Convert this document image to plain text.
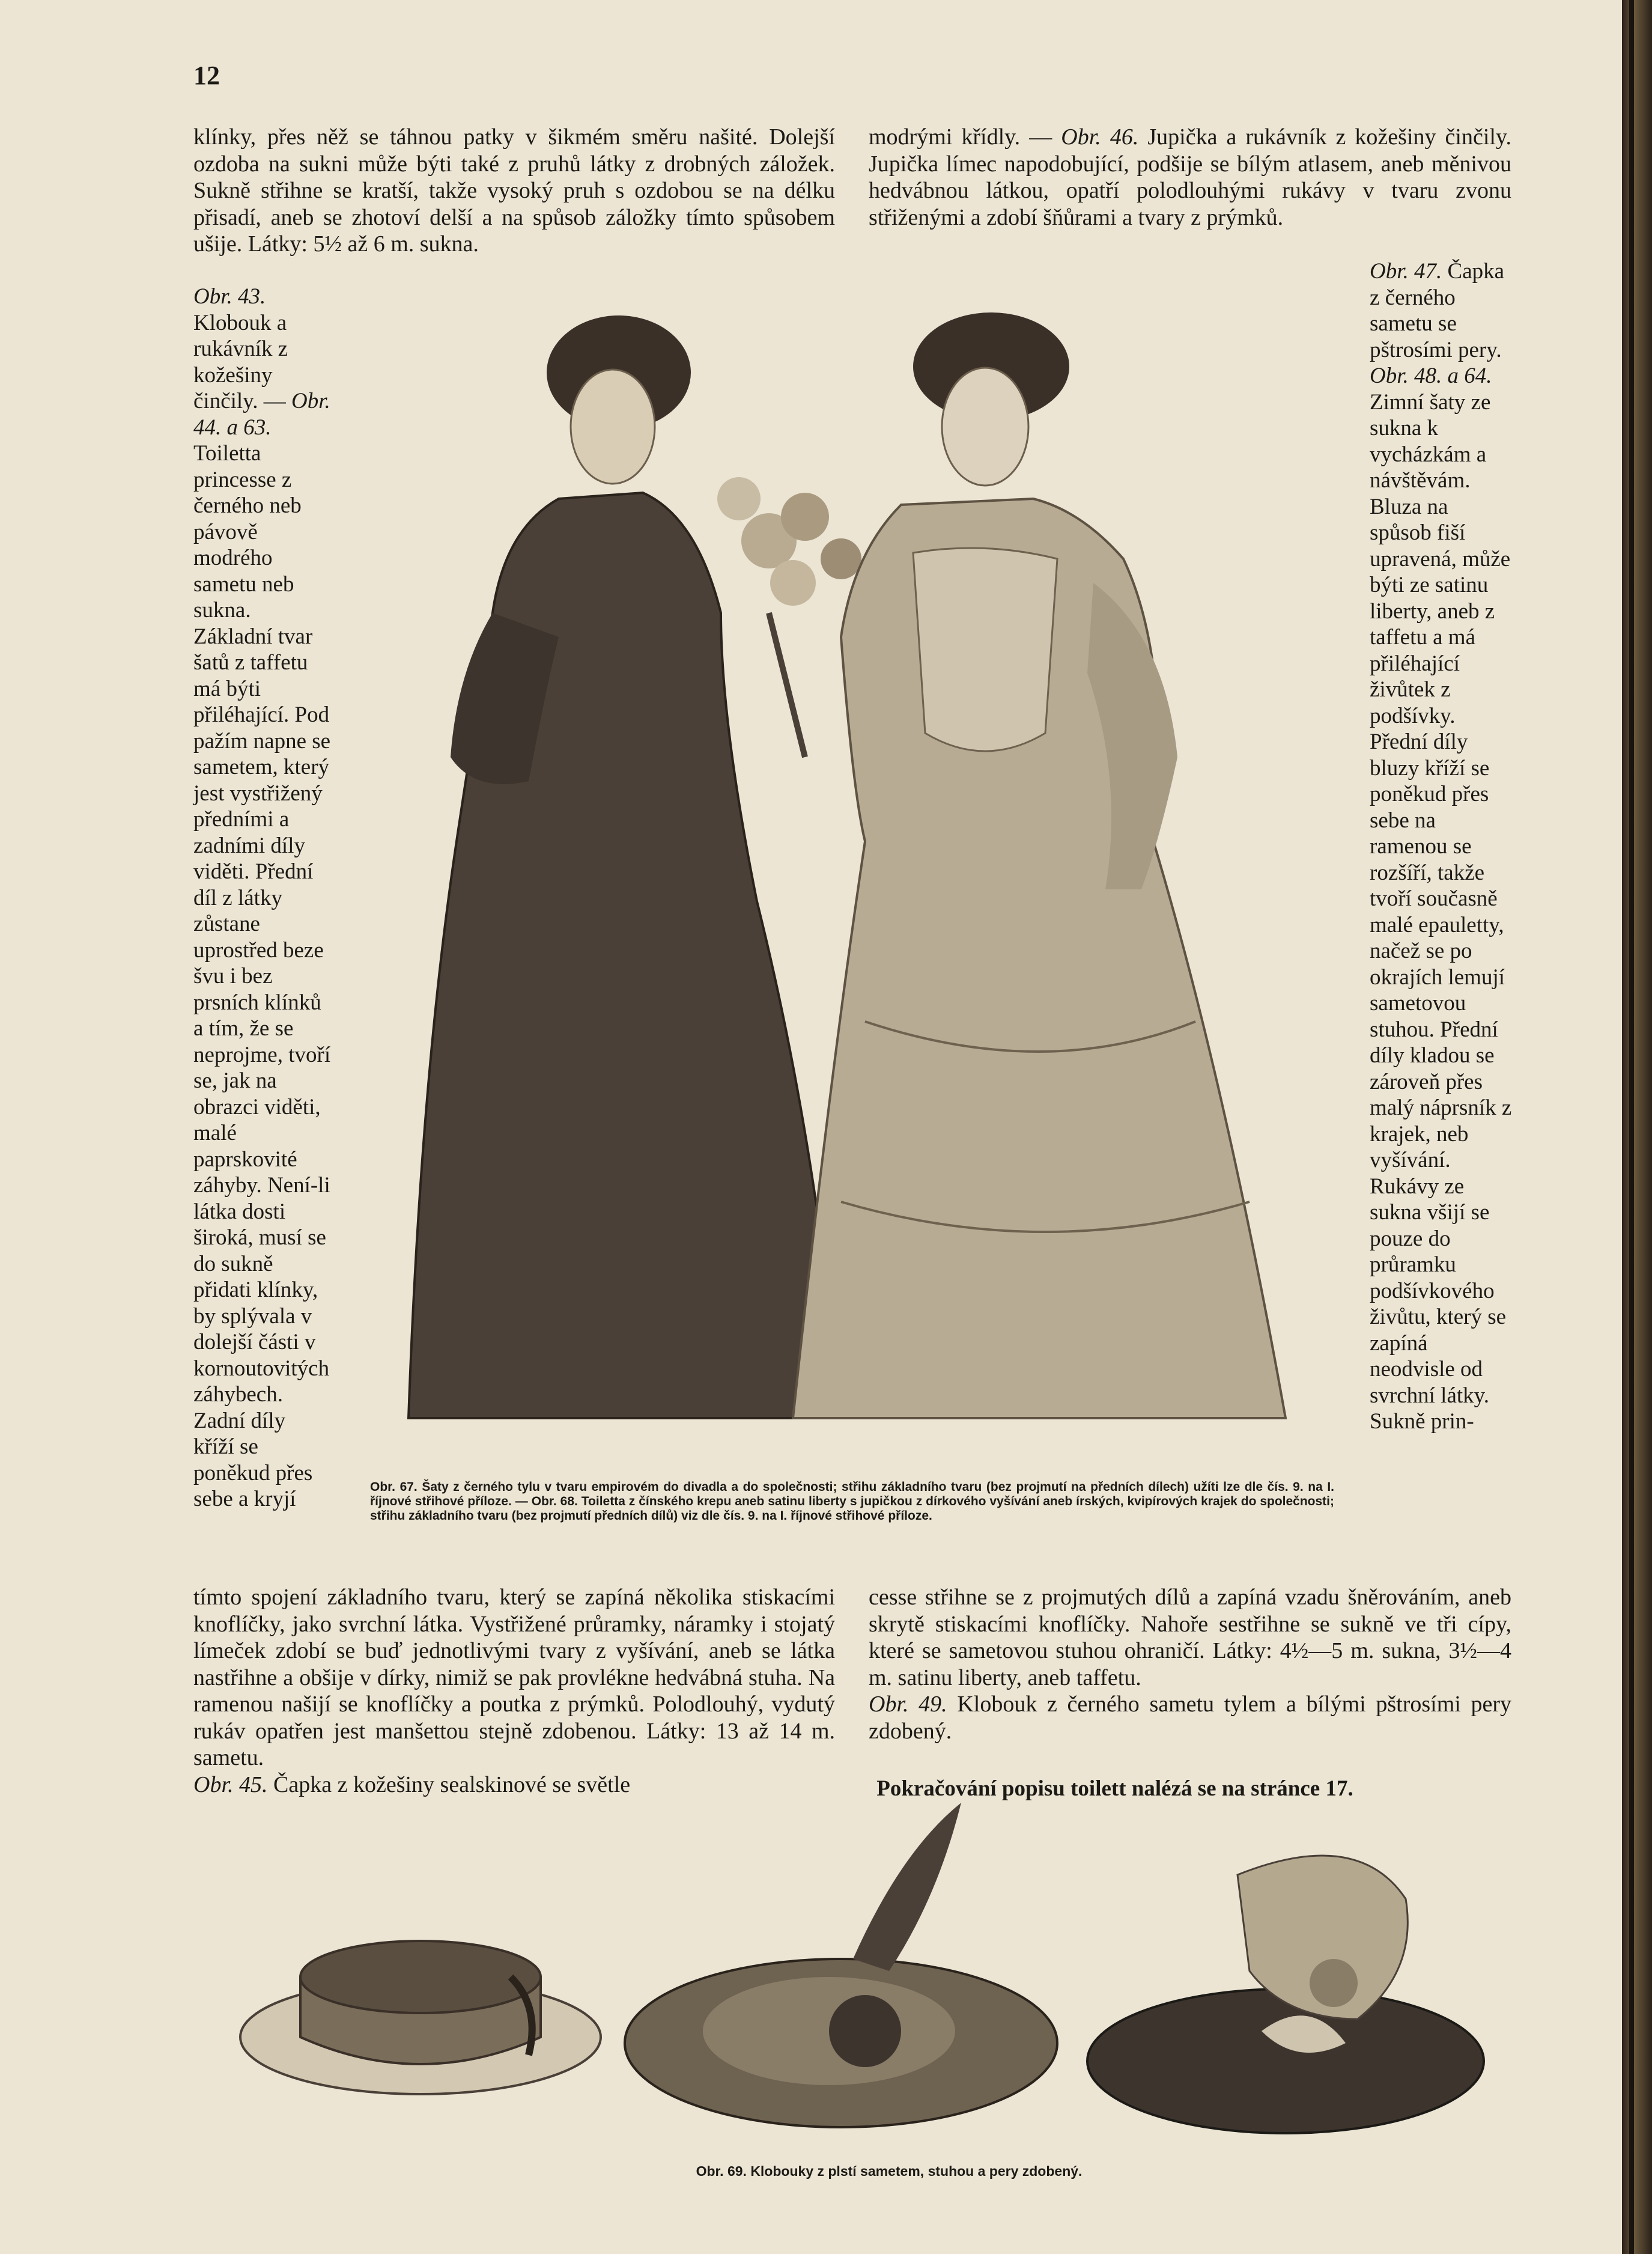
12

klínky, přes něž se táhnou patky v šikmém směru našité. Dolejší ozdoba na sukni může býti také z pruhů látky z drobných záložek. Sukně střihne se kratší, takže vysoký pruh s ozdobou se na délku přisadí, aneb se zhotoví delší a na spůsob záložky tímto spůsobem ušije. Látky: 5½ až 6 m. sukna.

modrými křídly. — Obr. 46. Jupička a rukávník z kožešiny činčily. Jupička límec napodobující, podšije se bílým atlasem, aneb měnivou hedvábnou látkou, opatří polodlouhými rukávy v tvaru zvonu střiženými a zdobí šňůrami a tvary z prýmků.

Obr. 43. Klobouk a rukávník z kožešiny činčily. — Obr. 44. a 63. Toiletta princesse z černého neb pávově modrého sametu neb sukna. Základní tvar šatů z taffetu má býti přiléhající. Pod pažím napne se sametem, který jest vystřižený předními a zadními díly viděti. Přední díl z látky zůstane uprostřed beze švu i bez prsních klínků a tím, že se neprojme, tvoří se, jak na obrazci viděti, malé paprskovité záhyby. Není-li látka dosti široká, musí se do sukně přidati klínky, by splývala v dolejší části v kornoutovitých záhybech. Zadní díly kříží se poněkud přes sebe a kryjí

Obr. 47. Čapka z černého sametu se pštrosími pery. Obr. 48. a 64. Zimní šaty ze sukna k vycházkám a návštěvám. Bluza na spůsob fiší upravená, může býti ze satinu liberty, aneb z taffetu a má přiléhající živůtek z podšívky. Přední díly bluzy kříží se poněkud přes sebe na ramenou se rozšíří, takže tvoří současně malé epauletty, načež se po okrajích lemují sametovou stuhou. Přední díly kladou se zároveň přes malý náprsník z krajek, neb vyšívání. Rukávy ze sukna všijí se pouze do průramku podšívkového živůtu, který se zapíná neodvisle od svrchní látky. Sukně prin-

Obr. 67. Šaty z černého tylu v tvaru empirovém do divadla a do společnosti; střihu základního tvaru (bez projmutí na předních dílech) užíti lze dle čís. 9. na I. říjnové střihové příloze. — Obr. 68. Toiletta z čínského krepu aneb satinu liberty s jupičkou z dírkového vyšívání aneb írských, kvipírových krajek do společnosti; střihu základního tvaru (bez projmutí předních dílů) viz dle čís. 9. na I. říjnové střihové příloze.

tímto spojení základního tvaru, který se zapíná několika stiskacími knoflíčky, jako svrchní látka. Vystřižené průramky, náramky i stojatý límeček zdobí se buď jednotlivými tvary z vyšívání, aneb se látka nastřihne a obšije v dírky, nimiž se pak provlékne hedvábná stuha. Na ramenou našijí se knoflíčky a poutka z prýmků. Polodlouhý, vydutý rukáv opatřen jest manšettou stejně zdobenou. Látky: 13 až 14 m. sametu.

Obr. 45. Čapka z kožešiny sealskinové se světle

cesse střihne se z projmutých dílů a zapíná vzadu šněrováním, aneb skrytě stiskacími knoflíčky. Nahoře sestřihne se sukně ve tři cípy, které se sametovou stuhou ohraničí. Látky: 4½—5 m. sukna, 3½—4 m. satinu liberty, aneb taffetu.

Obr. 49. Klobouk z černého sametu tylem a bílými pštrosími pery zdobený.

Pokračování popisu toilett nalézá se na stránce 17.
Obr. 69. Klobouky z plstí sametem, stuhou a pery zdobený.
